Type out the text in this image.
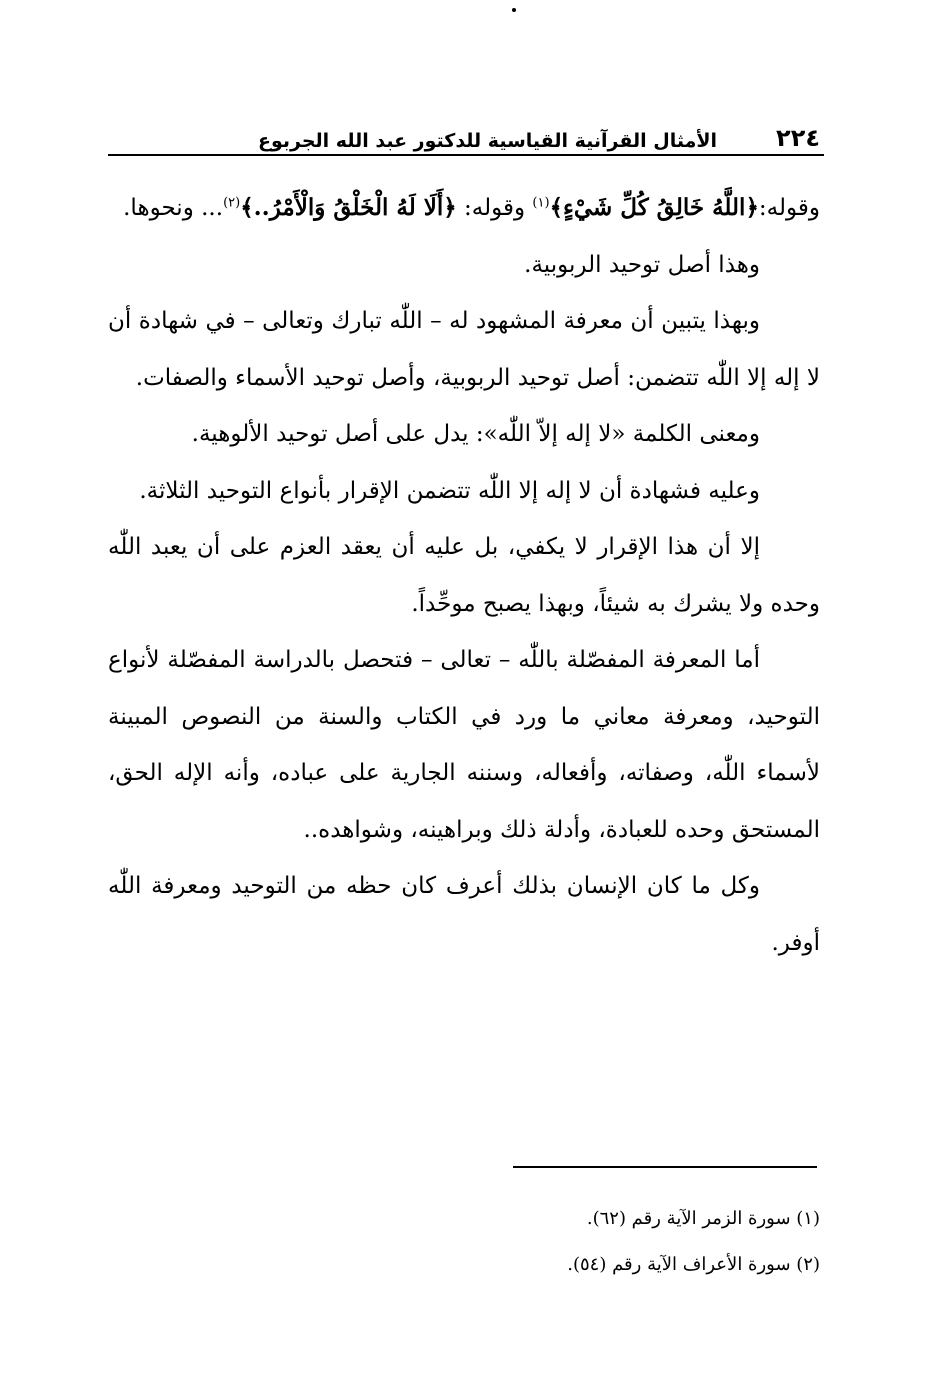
٢٢٤
الأمثال القرآنية القياسية للدكتور عبد الله الجربوع

وقوله:﴿اللَّهُ خَالِقُ كُلِّ شَيْءٍ﴾$^{(١)}$ وقوله: ﴿أَلَا لَهُ الْخَلْقُ وَالْأَمْرُ..﴾$^{(٢)}$... ونحوها.

وهذا أصل توحيد الربوبية.

وبهذا يتبين أن معرفة المشهود له – اللّٰه تبارك وتعالى – في شهادة أن لا إله إلا اللّٰه تتضمن: أصل توحيد الربوبية، وأصل توحيد الأسماء والصفات.

ومعنى الكلمة «لا إله إلاّ اللّٰه»: يدل على أصل توحيد الألوهية.

وعليه فشهادة أن لا إله إلا اللّٰه تتضمن الإقرار بأنواع التوحيد الثلاثة.

إلا أن هذا الإقرار لا يكفي، بل عليه أن يعقد العزم على أن يعبد اللّٰه وحده ولا يشرك به شيئاً، وبهذا يصبح موحِّداً.

أما المعرفة المفصّلة باللّٰه – تعالى – فتحصل بالدراسة المفصّلة لأنواع التوحيد، ومعرفة معاني ما ورد في الكتاب والسنة من النصوص المبينة لأسماء اللّٰه، وصفاته، وأفعاله، وسننه الجارية على عباده، وأنه الإله الحق، المستحق وحده للعبادة، وأدلة ذلك وبراهينه، وشواهده..

وكل ما كان الإنسان بذلك أعرف كان حظه من التوحيد ومعرفة اللّٰه أوفر.

(١) سورة الزمر الآية رقم (٦٢).

(٢) سورة الأعراف الآية رقم (٥٤).
